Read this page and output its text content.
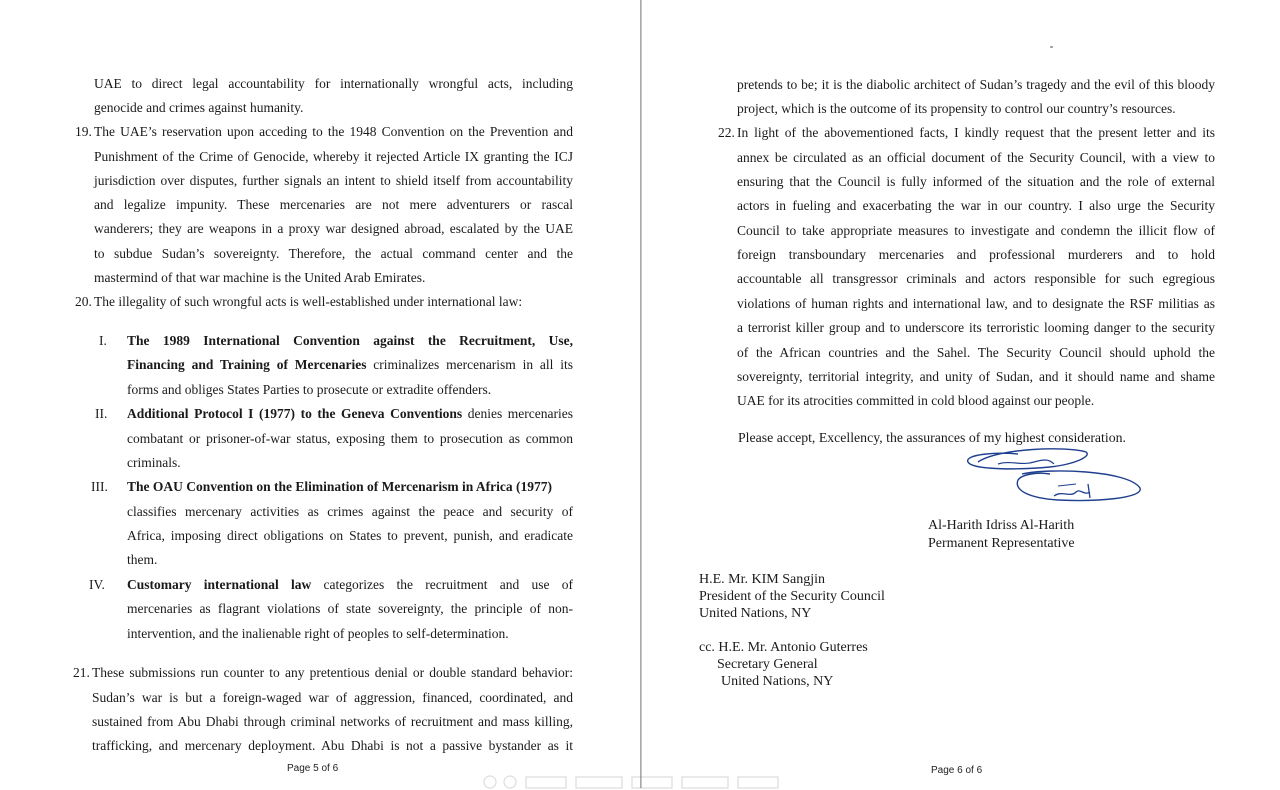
UAE to direct legal accountability for internationally wrongful acts, including
genocide and crimes against humanity.
19. The UAE’s reservation upon acceding to the 1948 Convention on the Prevention and
Punishment of the Crime of Genocide, whereby it rejected Article IX granting the ICJ
jurisdiction over disputes, further signals an intent to shield itself from accountability
and legalize impunity. These mercenaries are not mere adventurers or rascal
wanderers; they are weapons in a proxy war designed abroad, escalated by the UAE
to subdue Sudan’s sovereignty. Therefore, the actual command center and the
mastermind of that war machine is the United Arab Emirates.
20. The illegality of such wrongful acts is well-established under international law:
I. The 1989 International Convention against the Recruitment, Use,
Financing and Training of Mercenaries criminalizes mercenarism in all its
forms and obliges States Parties to prosecute or extradite offenders.
II. Additional Protocol I (1977) to the Geneva Conventions denies mercenaries
combatant or prisoner-of-war status, exposing them to prosecution as common
criminals.
III. The OAU Convention on the Elimination of Mercenarism in Africa (1977)
classifies mercenary activities as crimes against the peace and security of
Africa, imposing direct obligations on States to prevent, punish, and eradicate
them.
IV. Customary international law categorizes the recruitment and use of
mercenaries as flagrant violations of state sovereignty, the principle of non-
intervention, and the inalienable right of peoples to self-determination.
21. These submissions run counter to any pretentious denial or double standard behavior:
Sudan’s war is but a foreign-waged war of aggression, financed, coordinated, and
sustained from Abu Dhabi through criminal networks of recruitment and mass killing,
trafficking, and mercenary deployment. Abu Dhabi is not a passive bystander as it
Page 5 of 6
pretends to be; it is the diabolic architect of Sudan’s tragedy and the evil of this bloody
project, which is the outcome of its propensity to control our country’s resources.
22. In light of the abovementioned facts, I kindly request that the present letter and its
annex be circulated as an official document of the Security Council, with a view to
ensuring that the Council is fully informed of the situation and the role of external
actors in fueling and exacerbating the war in our country. I also urge the Security
Council to take appropriate measures to investigate and condemn the illicit flow of
foreign transboundary mercenaries and professional murderers and to hold
accountable all transgressor criminals and actors responsible for such egregious
violations of human rights and international law, and to designate the RSF militias as
a terrorist killer group and to underscore its terroristic looming danger to the security
of the African countries and the Sahel. The Security Council should uphold the
sovereignty, territorial integrity, and unity of Sudan, and it should name and shame
UAE for its atrocities committed in cold blood against our people.
Please accept, Excellency, the assurances of my highest consideration.
Al-Harith Idriss Al-Harith
Permanent Representative
H.E. Mr. KIM Sangjin
President of the Security Council
United Nations, NY
cc. H.E. Mr. Antonio Guterres
Secretary General
United Nations, NY
Page 6 of 6
